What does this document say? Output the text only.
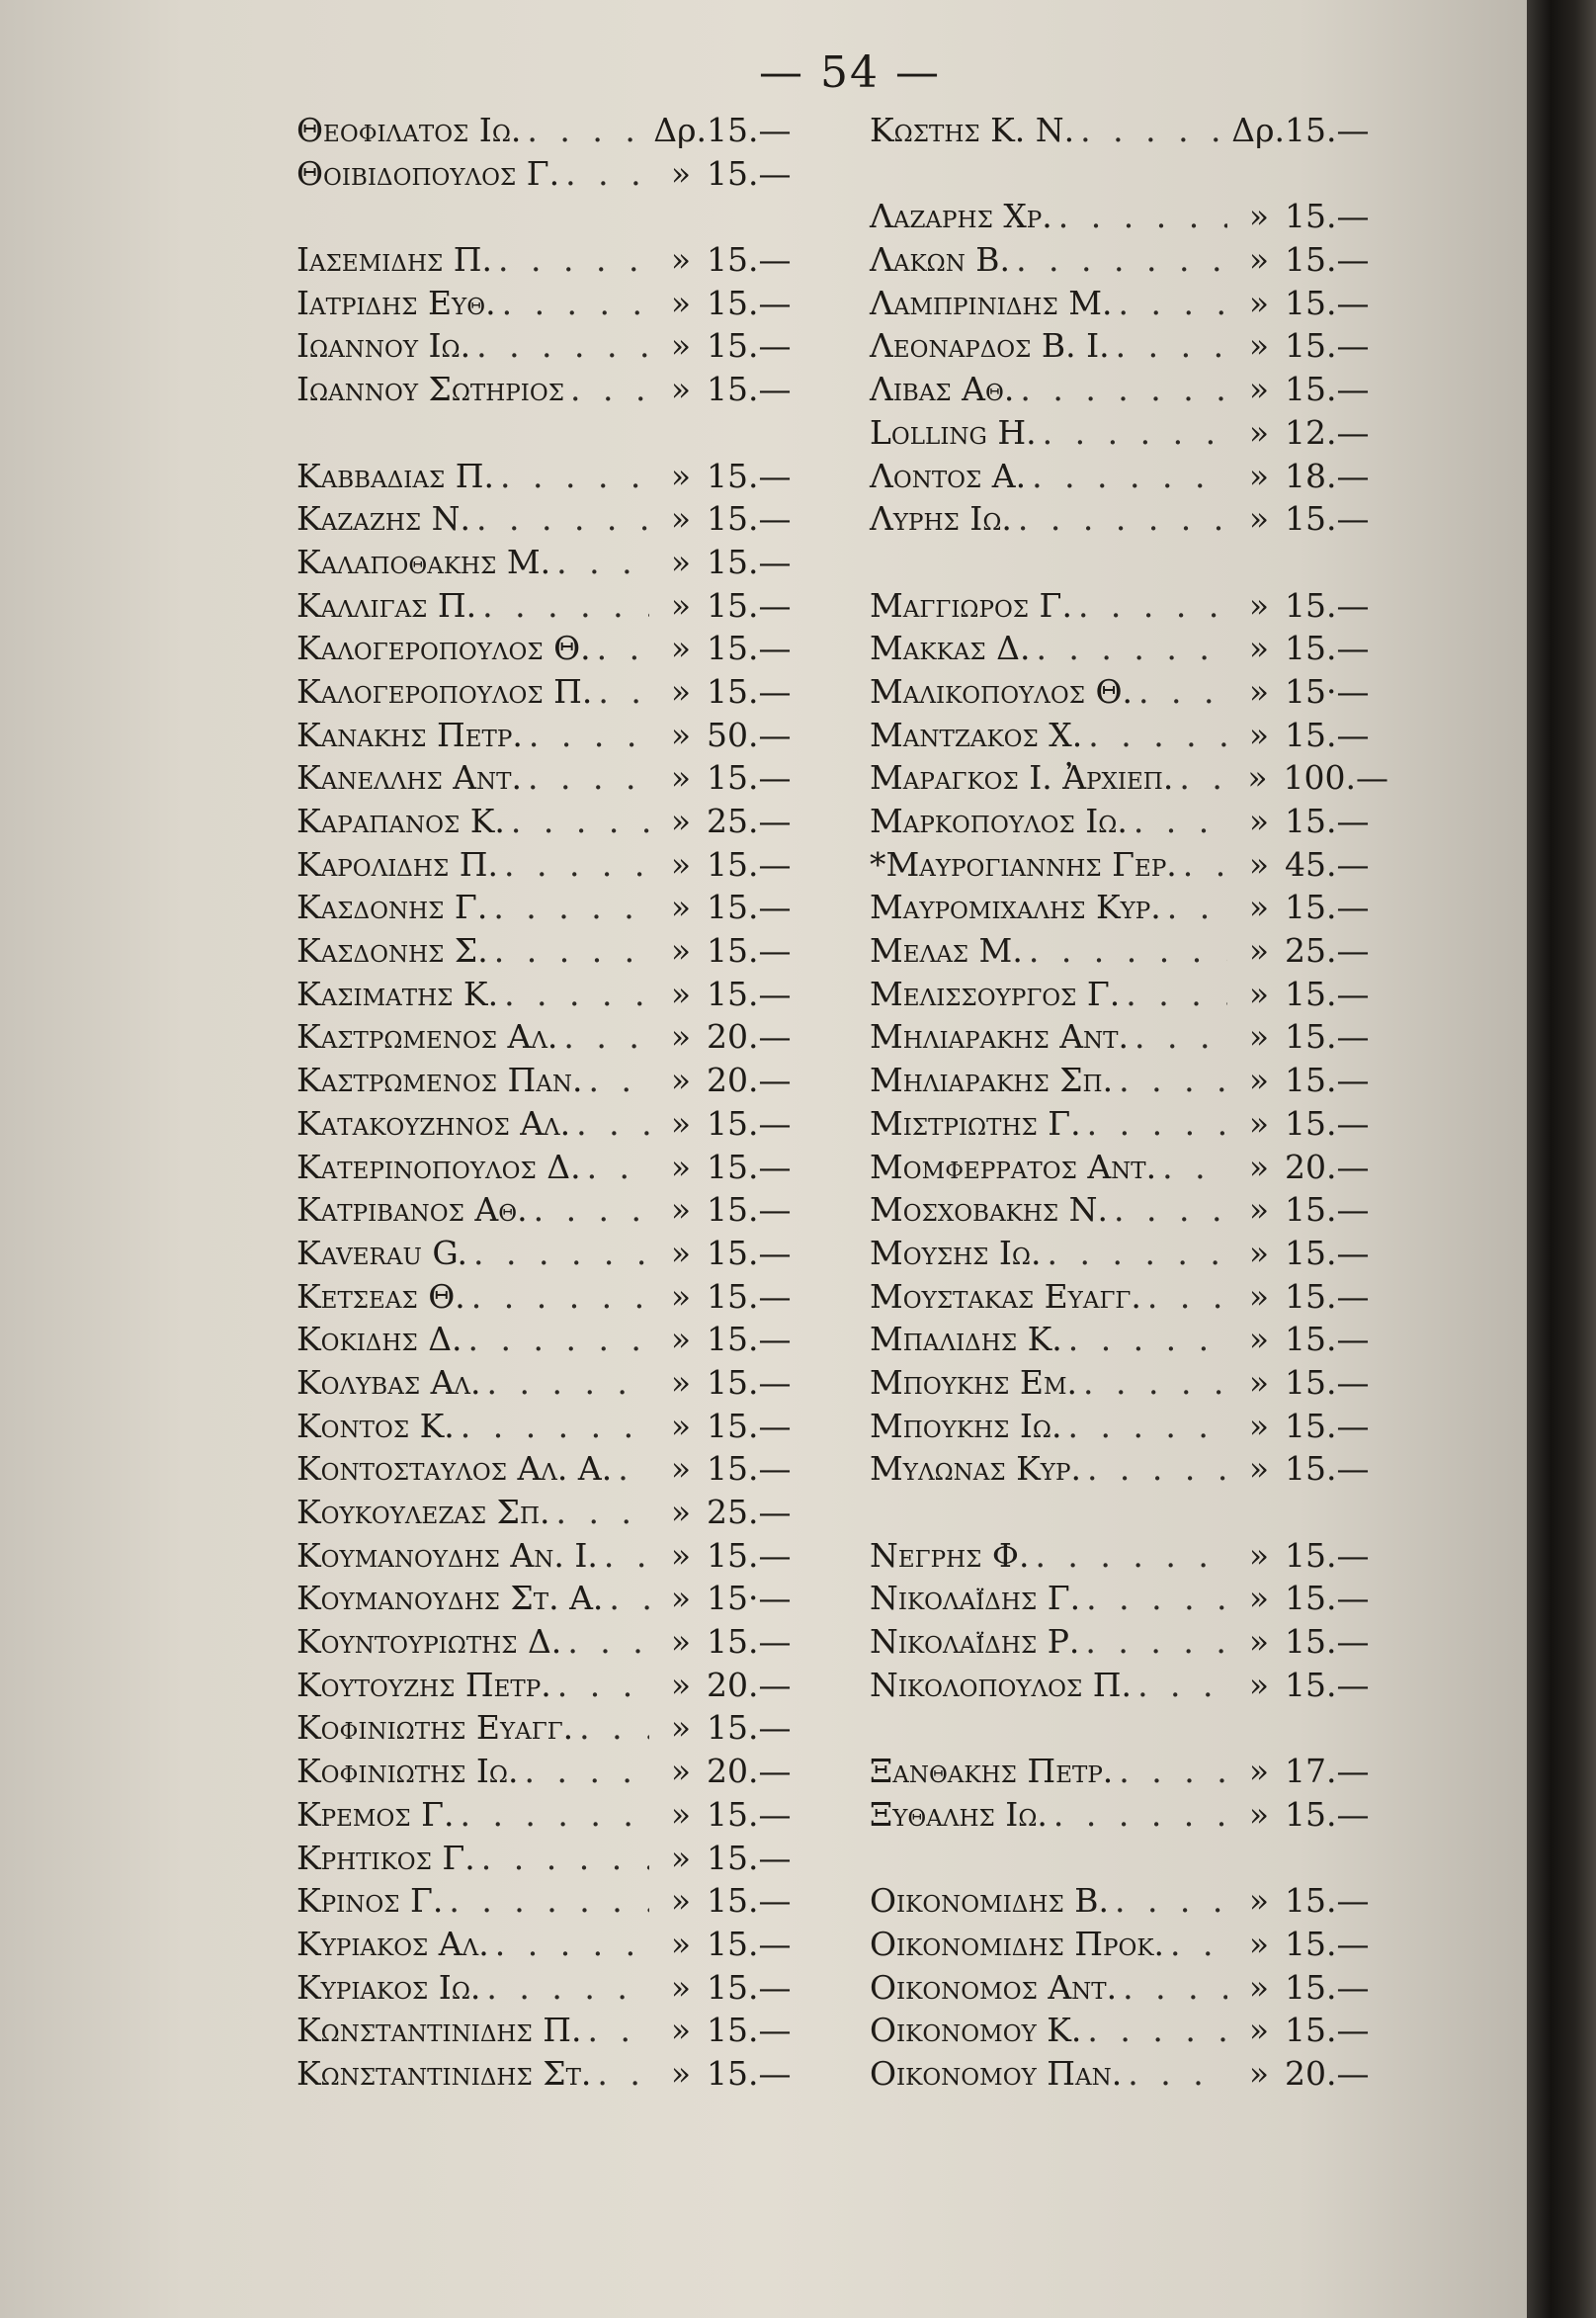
— 54 —
Θεοφιλατος Ιω. . . .	Δρ. 15.—
Θοιβιδοπουλος Γ. . . .	» 15.—
Ιασεμιδης Π. . . .	» 15.—
Ιατριδης Ευθ. . . .	» 15.—
Ιωαννου Ιω. . . .	» 15.—
Ιωαννου Σωτηριος . . .	» 15.—
Καββαδιας Π. . . .	» 15.—
Καζαζης Ν. . . .	» 15.—
Καλαποθακης Μ. . . .	» 15.—
Καλλιγας Π. . . .	» 15.—
Καλογεροπουλος Θ. . . .	» 15.—
Καλογεροπουλος Π. . . .	» 15.—
Κανακης Πετρ. . . .	» 50.—
Κανελλης Αντ. . . .	» 15.—
Καραπανος Κ. . . .	» 25.—
Καρολιδης Π. . . .	» 15.—
Κασδονης Γ. . . .	» 15.—
Κασδονης Σ. . . .	» 15.—
Κασιματης Κ. . . .	» 15.—
Καστρωμενος Αλ. . . .	» 20.—
Καστρωμενος Παν. . . .	» 20.—
Κατακουζηνος Αλ. . . .	» 15.—
Κατερινοπουλος Δ. . . .	» 15.—
Κατριβανος Αθ. . . .	» 15.—
Kaverau G. . . .	» 15.—
Κετσεας Θ. . . .	» 15.—
Κοκιδης Δ. . . .	» 15.—
Κολυβας Αλ. . . .	» 15.—
Κοντος Κ. . . .	» 15.—
Κοντοσταυλος Αλ. Α. . . .	» 15.—
Κουκουλεζας Σπ. . . .	» 25.—
Κουμανουδης Αν. Ι. . . .	» 15.—
Κουμανουδης Στ. Α. . . .	» 15·—
Κουντουριωτης Δ. . . .	» 15.—
Κουτουζης Πετρ. . . .	» 20.—
Κοφινιωτης Ευαγγ. . . .	» 15.—
Κοφινιωτης Ιω. . . .	» 20.—
Κρεμος Γ. . . .	» 15.—
Κρητικος Γ. . . .	» 15.—
Κρινος Γ. . . .	» 15.—
Κυριακος Αλ. . . .	» 15.—
Κυριακος Ιω. . . .	» 15.—
Κωνσταντινιδης Π. . . .	» 15.—
Κωνσταντινιδης Στ. . . .	» 15.—
Κωστης Κ. Ν. . . .	Δρ. 15.—
Λαζαρης Χρ. . . .	» 15.—
Λακων Β. . . .	» 15.—
Λαμπρινιδης Μ. . . .	» 15.—
Λεοναρδος Β. Ι. . . .	» 15.—
Λιβας Αθ. . . .	» 15.—
Lolling H. . . .	» 12.—
Λοντος Α. . . .	» 18.—
Λυρης Ιω. . . .	» 15.—
Μαγγιωρος Γ. . . .	» 15.—
Μακκας Δ. . . .	» 15.—
Μαλικοπουλος Θ. . . .	» 15·—
Μαντζακος Χ. . . .	» 15.—
Μαραγκος Ι. Ἀρχιεπ. . . .	» 100.—
Μαρκοπουλος Ιω. . . .	» 15.—
*Μαυρογιαννης Γερ. . . .	» 45.—
Μαυρομιχαλης Κυρ. . . .	» 15.—
Μελας Μ. . . .	» 25.—
Μελισσουργος Γ. . . .	» 15.—
Μηλιαρακης Αντ. . . .	» 15.—
Μηλιαρακης Σπ. . . .	» 15.—
Μιστριωτης Γ. . . .	» 15.—
Μομφερρατος Αντ. . . .	» 20.—
Μοσχοβακης Ν. . . .	» 15.—
Μουσης Ιω. . . .	» 15.—
Μουστακας Ευαγγ. . . .	» 15.—
Μπαλιδης Κ. . . .	» 15.—
Μπουκης Εμ. . . .	» 15.—
Μπουκης Ιω. . . .	» 15.—
Μυλωνας Κυρ. . . .	» 15.—
Νεγρης Φ. . . .	» 15.—
Νικολαΐδης Γ. . . .	» 15.—
Νικολαΐδης Ρ. . . .	» 15.—
Νικολοπουλος Π. . . .	» 15.—
Ξανθακης Πετρ. . . .	» 17.—
Ξυθαλης Ιω. . . .	» 15.—
Οικονομιδης Β. . . .	» 15.—
Οικονομιδης Προκ. . . .	» 15.—
Οικονομος Αντ. . . .	» 15.—
Οικονομου Κ. . . .	» 15.—
Οικονομου Παν. . . .	» 20.—
